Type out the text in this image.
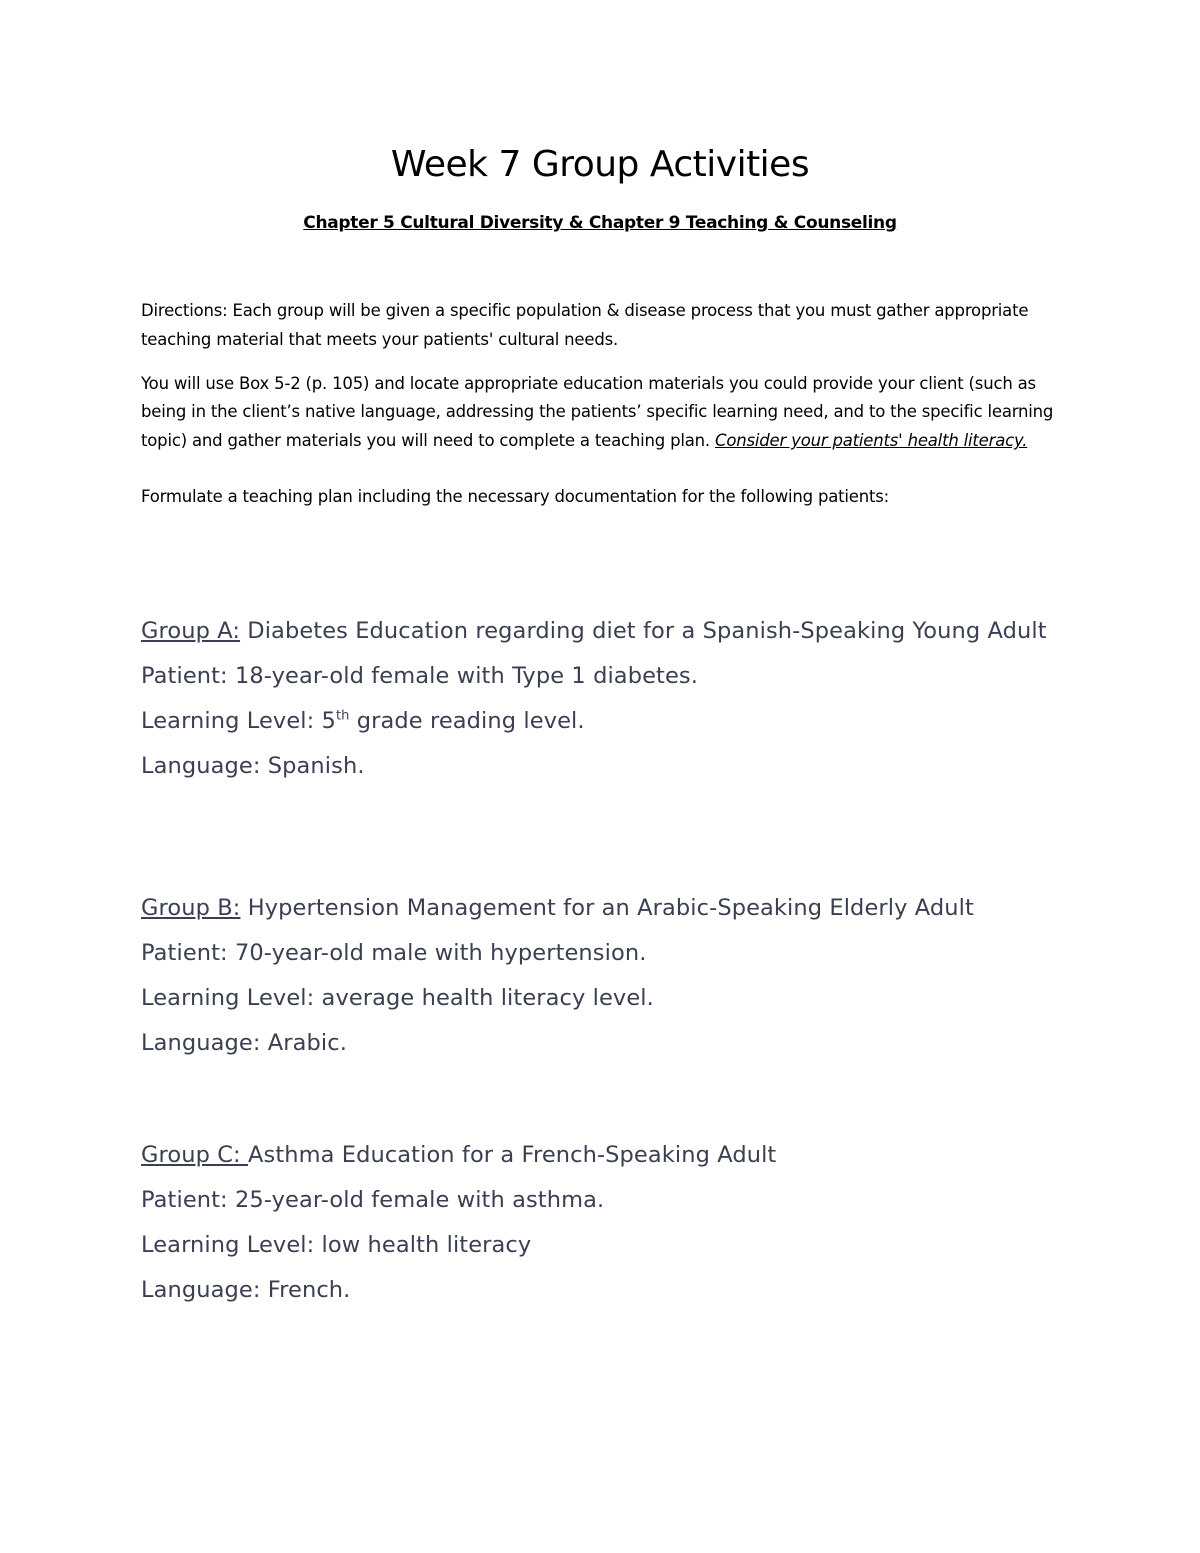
Week 7 Group Activities
Chapter 5 Cultural Diversity & Chapter 9 Teaching & Counseling

Directions: Each group will be given a specific population & disease process that you must gather appropriate teaching material that meets your patients' cultural needs.

You will use Box 5-2 (p. 105) and locate appropriate education materials you could provide your client (such as being in the client’s native language, addressing the patients’ specific learning need, and to the specific learning topic) and gather materials you will need to complete a teaching plan. Consider your patients' health literacy.

Formulate a teaching plan including the necessary documentation for the following patients:

Group A: Diabetes Education regarding diet for a Spanish-Speaking Young Adult
Patient: 18-year-old female with Type 1 diabetes.
Learning Level: 5th grade reading level.
Language: Spanish.
Group B: Hypertension Management for an Arabic-Speaking Elderly Adult
Patient: 70-year-old male with hypertension.
Learning Level: average health literacy level.
Language: Arabic.
Group C: Asthma Education for a French-Speaking Adult
Patient: 25-year-old female with asthma.
Learning Level: low health literacy
Language: French.
